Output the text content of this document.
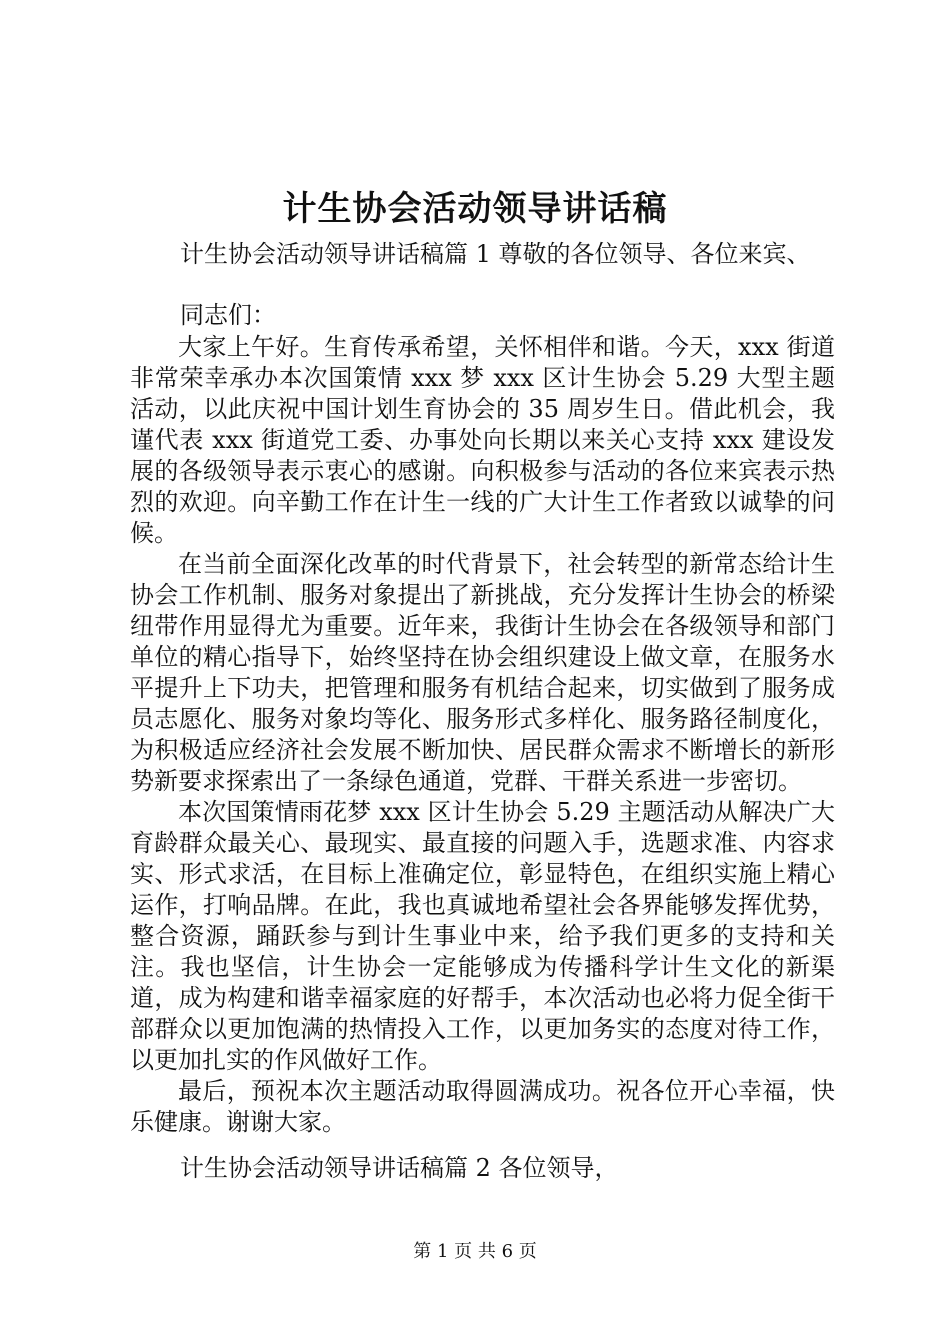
计生协会活动领导讲话稿
计生协会活动领导讲话稿篇 1 尊敬的各位领导、各位来宾、
同志们：

大家上午好。生育传承希望，关怀相伴和谐。今天，xxx 街道非常荣幸承办本次国策情 xxx 梦 xxx 区计生协会 5.29 大型主题活动，以此庆祝中国计划生育协会的 35 周岁生日。借此机会，我谨代表 xxx 街道党工委、办事处向长期以来关心支持 xxx 建设发展的各级领导表示衷心的感谢。向积极参与活动的各位来宾表示热烈的欢迎。向辛勤工作在计生一线的广大计生工作者致以诚挚的问候。

在当前全面深化改革的时代背景下，社会转型的新常态给计生协会工作机制、服务对象提出了新挑战，充分发挥计生协会的桥梁纽带作用显得尤为重要。近年来，我街计生协会在各级领导和部门单位的精心指导下，始终坚持在协会组织建设上做文章，在服务水平提升上下功夫，把管理和服务有机结合起来，切实做到了服务成员志愿化、服务对象均等化、服务形式多样化、服务路径制度化，为积极适应经济社会发展不断加快、居民群众需求不断增长的新形势新要求探索出了一条绿色通道，党群、干群关系进一步密切。

本次国策情雨花梦 xxx 区计生协会 5.29 主题活动从解决广大育龄群众最关心、最现实、最直接的问题入手，选题求准、内容求实、形式求活，在目标上准确定位，彰显特色，在组织实施上精心运作，打响品牌。在此，我也真诚地希望社会各界能够发挥优势，整合资源，踊跃参与到计生事业中来，给予我们更多的支持和关注。我也坚信，计生协会一定能够成为传播科学计生文化的新渠道，成为构建和谐幸福家庭的好帮手，本次活动也必将力促全街干部群众以更加饱满的热情投入工作，以更加务实的态度对待工作，以更加扎实的作风做好工作。

最后，预祝本次主题活动取得圆满成功。祝各位开心幸福，快乐健康。谢谢大家。

计生协会活动领导讲话稿篇 2 各位领导，
第 1 页 共 6 页
